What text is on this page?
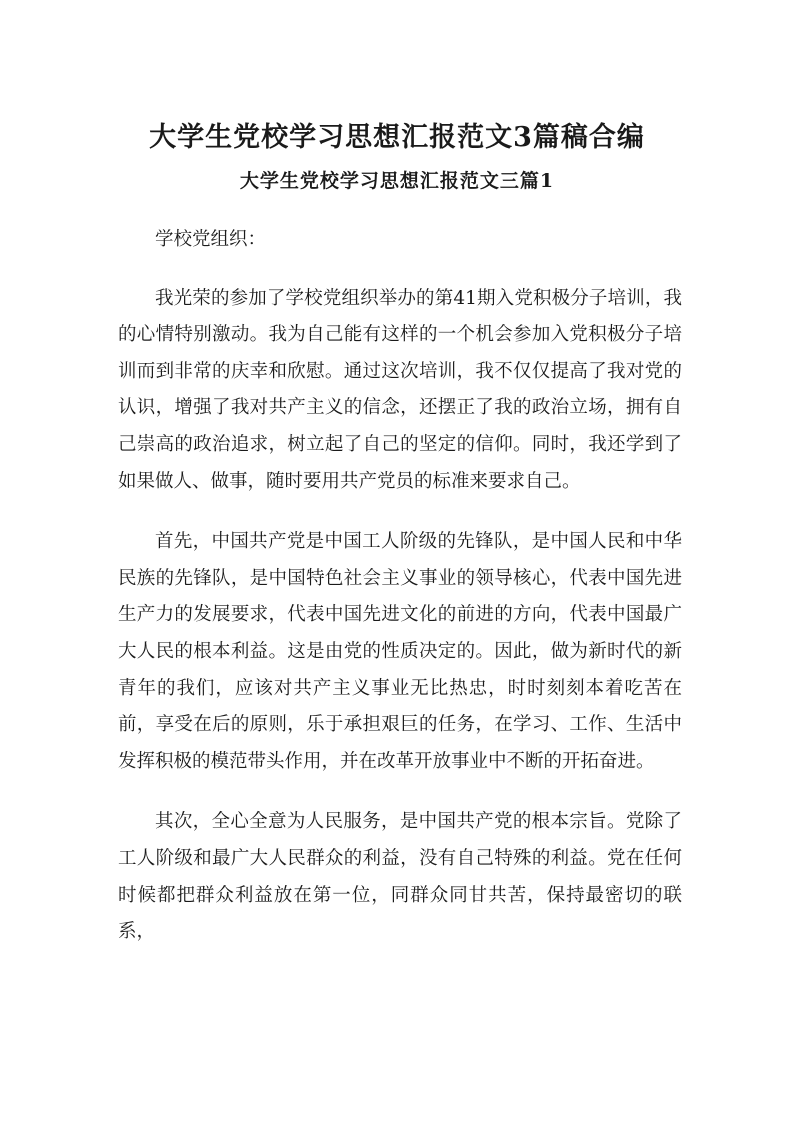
大学生党校学习思想汇报范文3篇稿合编
大学生党校学习思想汇报范文三篇1

学校党组织：

我光荣的参加了学校党组织举办的第41期入党积极分子培训，我的心情特别激动。我为自己能有这样的一个机会参加入党积极分子培训而到非常的庆幸和欣慰。通过这次培训，我不仅仅提高了我对党的认识，增强了我对共产主义的信念，还摆正了我的政治立场，拥有自己崇高的政治追求，树立起了自己的坚定的信仰。同时，我还学到了如果做人、做事，随时要用共产党员的标准来要求自己。

首先，中国共产党是中国工人阶级的先锋队，是中国人民和中华民族的先锋队，是中国特色社会主义事业的领导核心，代表中国先进生产力的发展要求，代表中国先进文化的前进的方向，代表中国最广大人民的根本利益。这是由党的性质决定的。因此，做为新时代的新青年的我们，应该对共产主义事业无比热忠，时时刻刻本着吃苦在前，享受在后的原则，乐于承担艰巨的任务，在学习、工作、生活中发挥积极的模范带头作用，并在改革开放事业中不断的开拓奋进。

其次，全心全意为人民服务，是中国共产党的根本宗旨。党除了工人阶级和最广大人民群众的利益，没有自己特殊的利益。党在任何时候都把群众利益放在第一位，同群众同甘共苦，保持最密切的联系，
